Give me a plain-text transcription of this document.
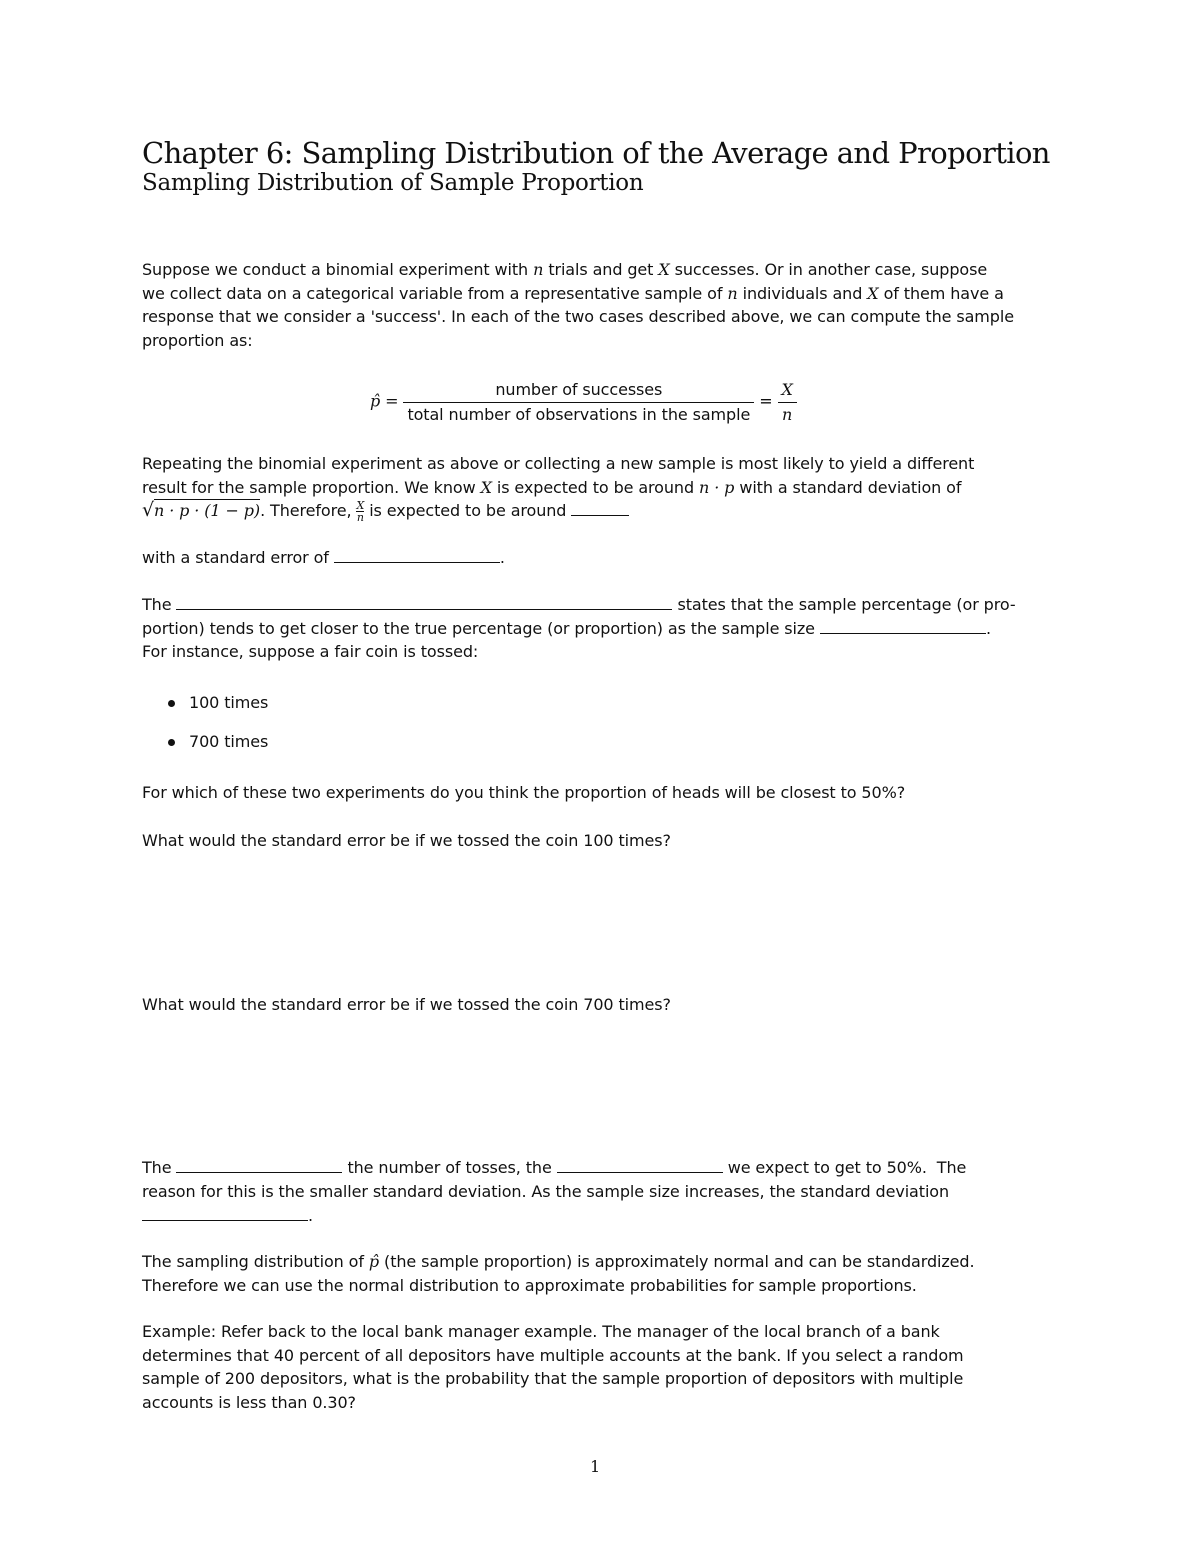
Chapter 6: Sampling Distribution of the Average and Proportion
Sampling Distribution of Sample Proportion
Suppose we conduct a binomial experiment with n trials and get X successes. Or in another case, suppose
we collect data on a categorical variable from a representative sample of n individuals and X of them have a
response that we consider a 'success'. In each of the two cases described above, we can compute the sample
proportion as:
p̂ = $\frac{\text{number of successes}}{\text{total number of observations in the sample}} = \frac{X}{n}$
Repeating the binomial experiment as above or collecting a new sample is most likely to yield a different
result for the sample proportion. We know X is expected to be around n · p with a standard deviation of
√n · p · (1 − p). Therefore, $\frac{X}{n}$ is expected to be around
with a standard error of	.
The	states that the sample percentage (or pro-
portion) tends to get closer to the true percentage (or proportion) as the sample size	.
For instance, suppose a fair coin is tossed:
100 times
700 times
For which of these two experiments do you think the proportion of heads will be closest to 50%?
What would the standard error be if we tossed the coin 100 times?
What would the standard error be if we tossed the coin 700 times?
The	the number of tosses, the	we expect to get to 50%. The
reason for this is the smaller standard deviation. As the sample size increases, the standard deviation
.
The sampling distribution of p̂ (the sample proportion) is approximately normal and can be standardized.
Therefore we can use the normal distribution to approximate probabilities for sample proportions.
Example: Refer back to the local bank manager example. The manager of the local branch of a bank
determines that 40 percent of all depositors have multiple accounts at the bank. If you select a random
sample of 200 depositors, what is the probability that the sample proportion of depositors with multiple
accounts is less than 0.30?
1
